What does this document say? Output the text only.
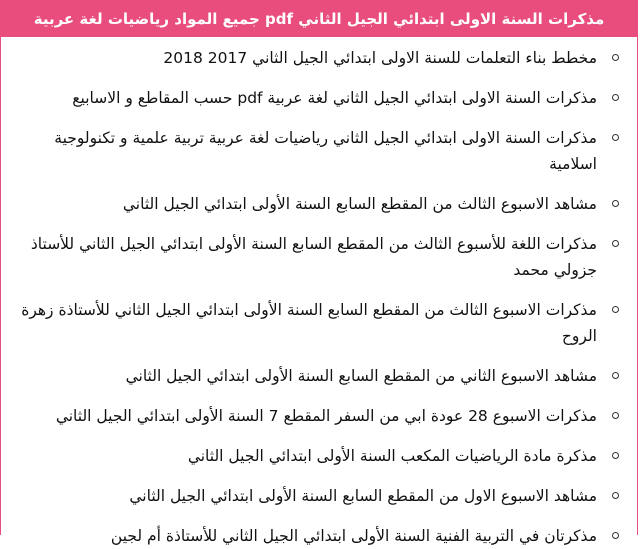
مذكرات السنة الاولى ابتدائي الجيل الثاني pdf جميع المواد رياضيات لغة عربية
مخطط بناء التعلمات للسنة الاولى ابتدائي الجيل الثاني 2017 2018
مذكرات السنة الاولى ابتدائي الجيل الثاني لغة عربية pdf حسب المقاطع و الاسابيع
مذكرات السنة الاولى ابتدائي الجيل الثاني رياضيات لغة عربية تربية علمية و تكنولوجية اسلامية
مشاهد الاسبوع الثالث من المقطع السابع السنة الأولى ابتدائي الجيل الثاني
مذكرات اللغة للأسبوع الثالث من المقطع السابع السنة الأولى ابتدائي الجيل الثاني للأستاذ جزولي محمد
مذكرات الاسبوع الثالث من المقطع السابع السنة الأولى ابتدائي الجيل الثاني للأستاذة زهرة الروح
مشاهد الاسبوع الثاني من المقطع السابع السنة الأولى ابتدائي الجيل الثاني
مذكرات الاسبوع 28 عودة ابي من السفر المقطع 7 السنة الأولى ابتدائي الجيل الثاني
مذكرة مادة الرياضيات المكعب السنة الأولى ابتدائي الجيل الثاني
مشاهد الاسبوع الاول من المقطع السابع السنة الأولى ابتدائي الجيل الثاني
مذكرتان في التربية الفنية السنة الأولى ابتدائي الجيل الثاني للأستاذة أم لجين
